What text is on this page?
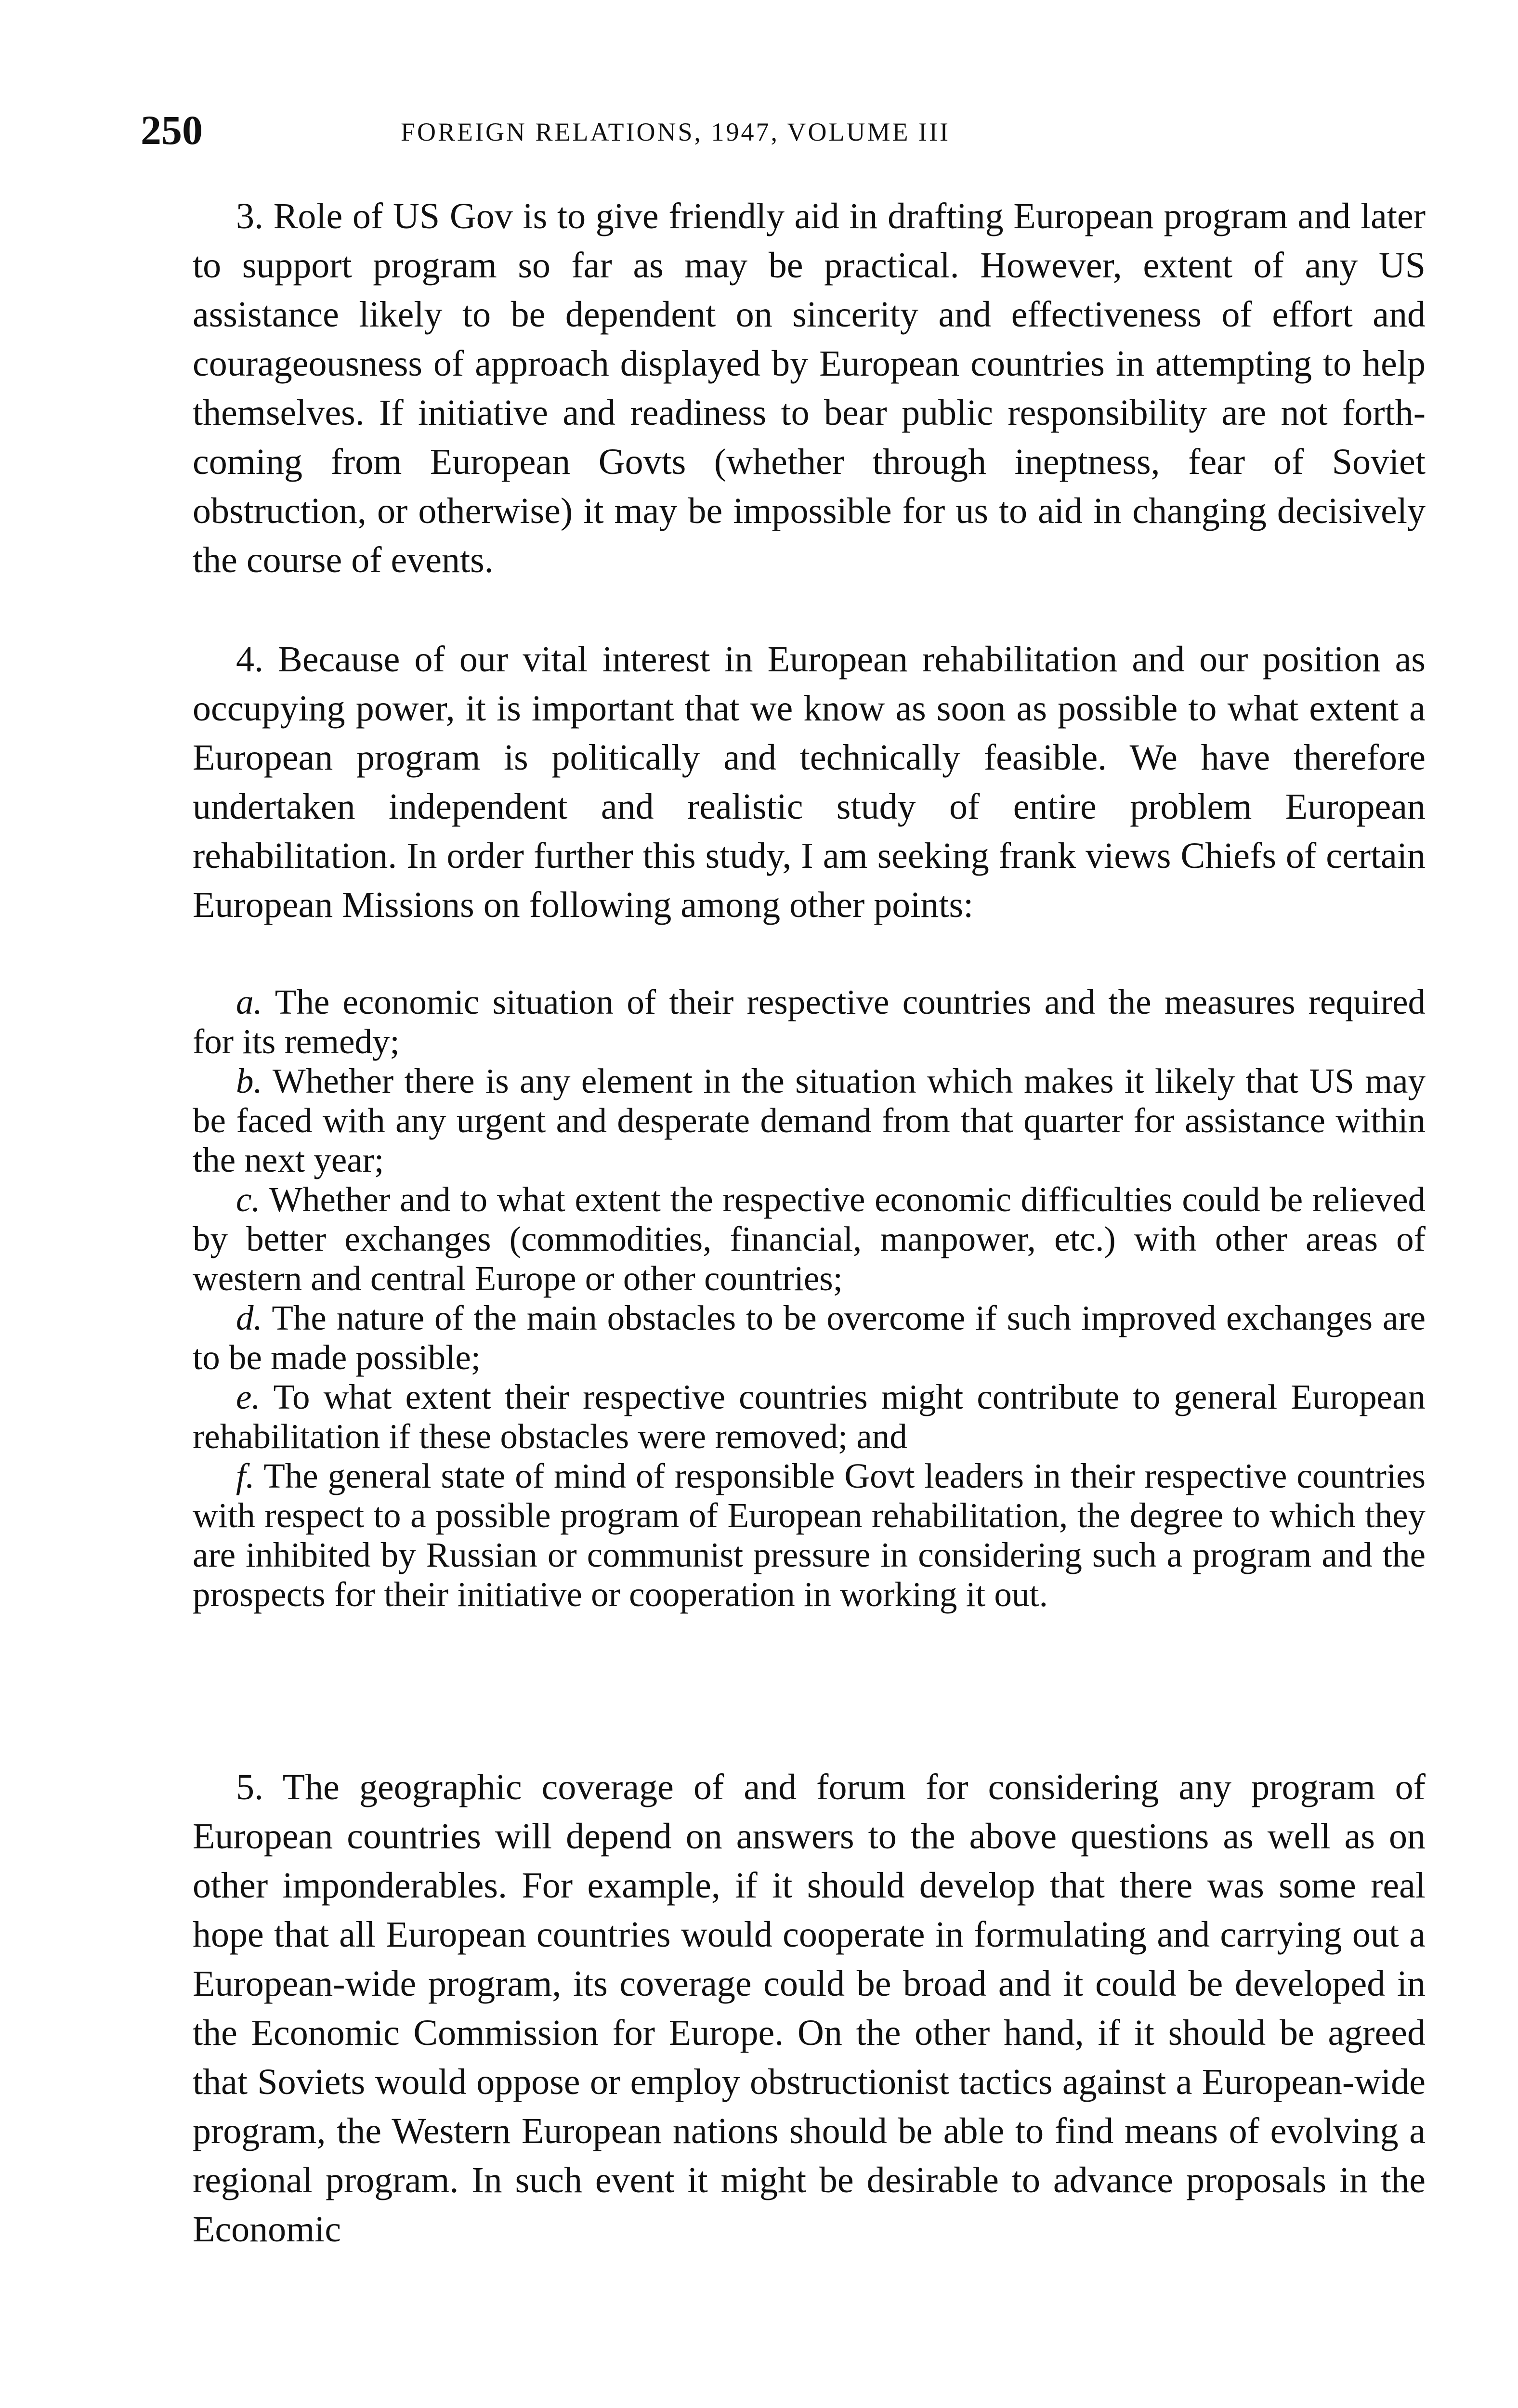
250	FOREIGN RELATIONS, 1947, VOLUME III

3. Role of US Gov is to give friendly aid in drafting European program and later to support program so far as may be practical. However, extent of any US assistance likely to be dependent on sincerity and effectiveness of effort and courageousness of approach displayed by European countries in attempting to help themselves. If initiative and readiness to bear public responsibility are not forthcoming from European Govts (whether through ineptness, fear of Soviet obstruction, or otherwise) it may be impossible for us to aid in changing decisively the course of events.

4. Because of our vital interest in European rehabilitation and our position as occupying power, it is important that we know as soon as possible to what extent a European program is politically and technically feasible. We have therefore undertaken independent and realistic study of entire problem European rehabilitation. In order further this study, I am seeking frank views Chiefs of certain European Missions on following among other points:

a. The economic situation of their respective countries and the measures required for its remedy;

b. Whether there is any element in the situation which makes it likely that US may be faced with any urgent and desperate demand from that quarter for assistance within the next year;

c. Whether and to what extent the respective economic difficulties could be relieved by better exchanges (commodities, financial, manpower, etc.) with other areas of western and central Europe or other countries;

d. The nature of the main obstacles to be overcome if such improved exchanges are to be made possible;

e. To what extent their respective countries might contribute to general European rehabilitation if these obstacles were removed; and

f. The general state of mind of responsible Govt leaders in their respective countries with respect to a possible program of European rehabilitation, the degree to which they are inhibited by Russian or communist pressure in considering such a program and the prospects for their initiative or cooperation in working it out.

5. The geographic coverage of and forum for considering any program of European countries will depend on answers to the above questions as well as on other imponderables. For example, if it should develop that there was some real hope that all European countries would cooperate in formulating and carrying out a European-wide program, its coverage could be broad and it could be developed in the Economic Commission for Europe. On the other hand, if it should be agreed that Soviets would oppose or employ obstructionist tactics against a European-wide program, the Western European nations should be able to find means of evolving a regional program. In such event it might be desirable to advance proposals in the Economic
